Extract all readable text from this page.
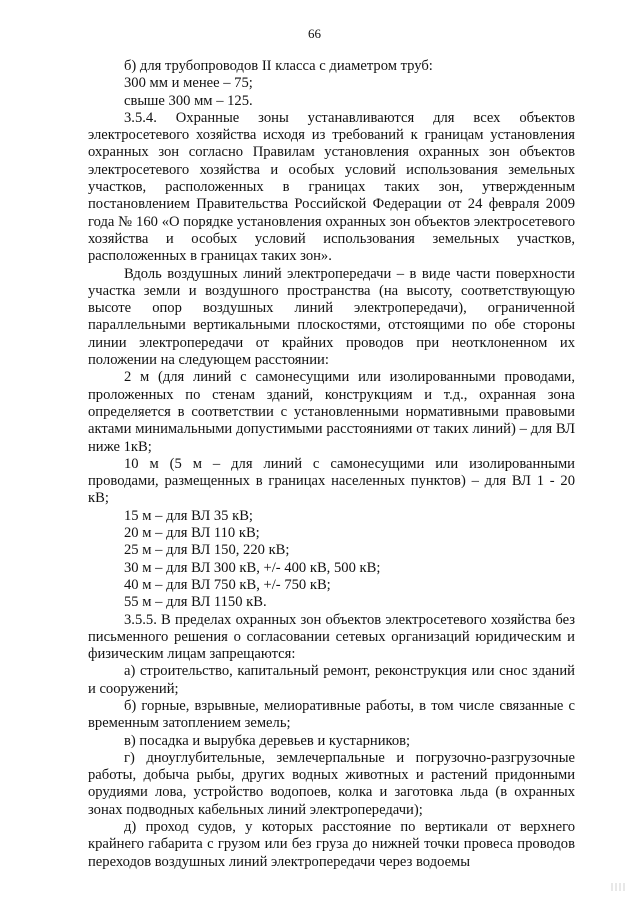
66

б) для трубопроводов II класса с диаметром труб:

300 мм и менее – 75;

свыше 300 мм – 125.

3.5.4. Охранные зоны устанавливаются для всех объектов электросетевого хозяйства исходя из требований к границам установления охранных зон согласно Правилам установления охранных зон объектов электросетевого хозяйства и особых условий использования земельных участков, расположенных в границах таких зон, утвержденным постановлением Правительства Российской Федерации от 24 февраля 2009 года № 160 «О порядке установления охранных зон объектов электросетевого хозяйства и особых условий использования земельных участков, расположенных в границах таких зон».

Вдоль воздушных линий электропередачи – в виде части поверхности участка земли и воздушного пространства (на высоту, соответствующую высоте опор воздушных линий электропередачи), ограниченной параллельными вертикальными плоскостями, отстоящими по обе стороны линии электропередачи от крайних проводов при неотклоненном их положении на следующем расстоянии:

2 м (для линий с самонесущими или изолированными проводами, проложенных по стенам зданий, конструкциям и т.д., охранная зона определяется в соответствии с установленными нормативными правовыми актами минимальными допустимыми расстояниями от таких линий) – для ВЛ ниже 1кВ;

10 м (5 м – для линий с самонесущими или изолированными проводами, размещенных в границах населенных пунктов) – для ВЛ 1 - 20 кВ;

15 м – для ВЛ 35 кВ;

20 м – для ВЛ 110 кВ;

25 м – для ВЛ 150, 220 кВ;

30 м – для ВЛ 300 кВ, +/- 400 кВ, 500 кВ;

40 м – для ВЛ 750 кВ, +/- 750 кВ;

55 м – для ВЛ 1150 кВ.

3.5.5. В пределах охранных зон объектов электросетевого хозяйства без письменного решения о согласовании сетевых организаций юридическим и физическим лицам запрещаются:

а) строительство, капитальный ремонт, реконструкция или снос зданий и сооружений;

б) горные, взрывные, мелиоративные работы, в том числе связанные с временным затоплением земель;

в) посадка и вырубка деревьев и кустарников;

г) дноуглубительные, землечерпальные и погрузочно-разгрузочные работы, добыча рыбы, других водных животных и растений придонными орудиями лова, устройство водопоев, колка и заготовка льда (в охранных зонах подводных кабельных линий электропередачи);

д) проход судов, у которых расстояние по вертикали от верхнего крайнего габарита с грузом или без груза до нижней точки провеса проводов переходов воздушных линий электропередачи через водоемы
